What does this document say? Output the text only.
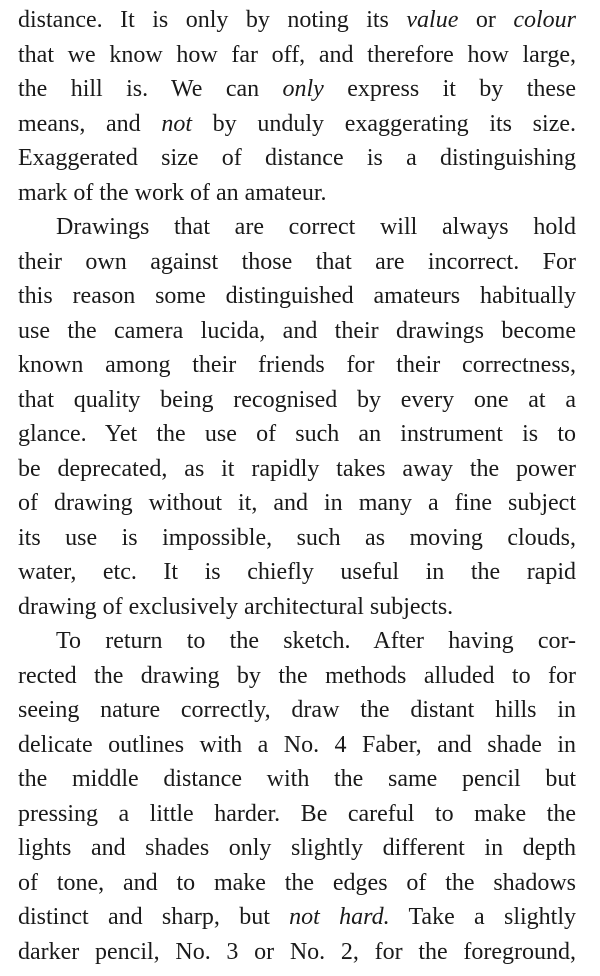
distance. It is only by noting its value or colour
that we know how far off, and therefore how large,
the hill is. We can only express it by these
means, and not by unduly exaggerating its size.
Exaggerated size of distance is a distinguishing
mark of the work of an amateur.
Drawings that are correct will always hold
their own against those that are incorrect. For
this reason some distinguished amateurs habitually
use the camera lucida, and their drawings become
known among their friends for their correctness,
that quality being recognised by every one at a
glance. Yet the use of such an instrument is to
be deprecated, as it rapidly takes away the power
of drawing without it, and in many a fine subject
its use is impossible, such as moving clouds,
water, etc. It is chiefly useful in the rapid
drawing of exclusively architectural subjects.
To return to the sketch. After having cor-
rected the drawing by the methods alluded to for
seeing nature correctly, draw the distant hills in
delicate outlines with a No. 4 Faber, and shade in
the middle distance with the same pencil but
pressing a little harder. Be careful to make the
lights and shades only slightly different in depth
of tone, and to make the edges of the shadows
distinct and sharp, but not hard. Take a slightly
darker pencil, No. 3 or No. 2, for the foreground,
